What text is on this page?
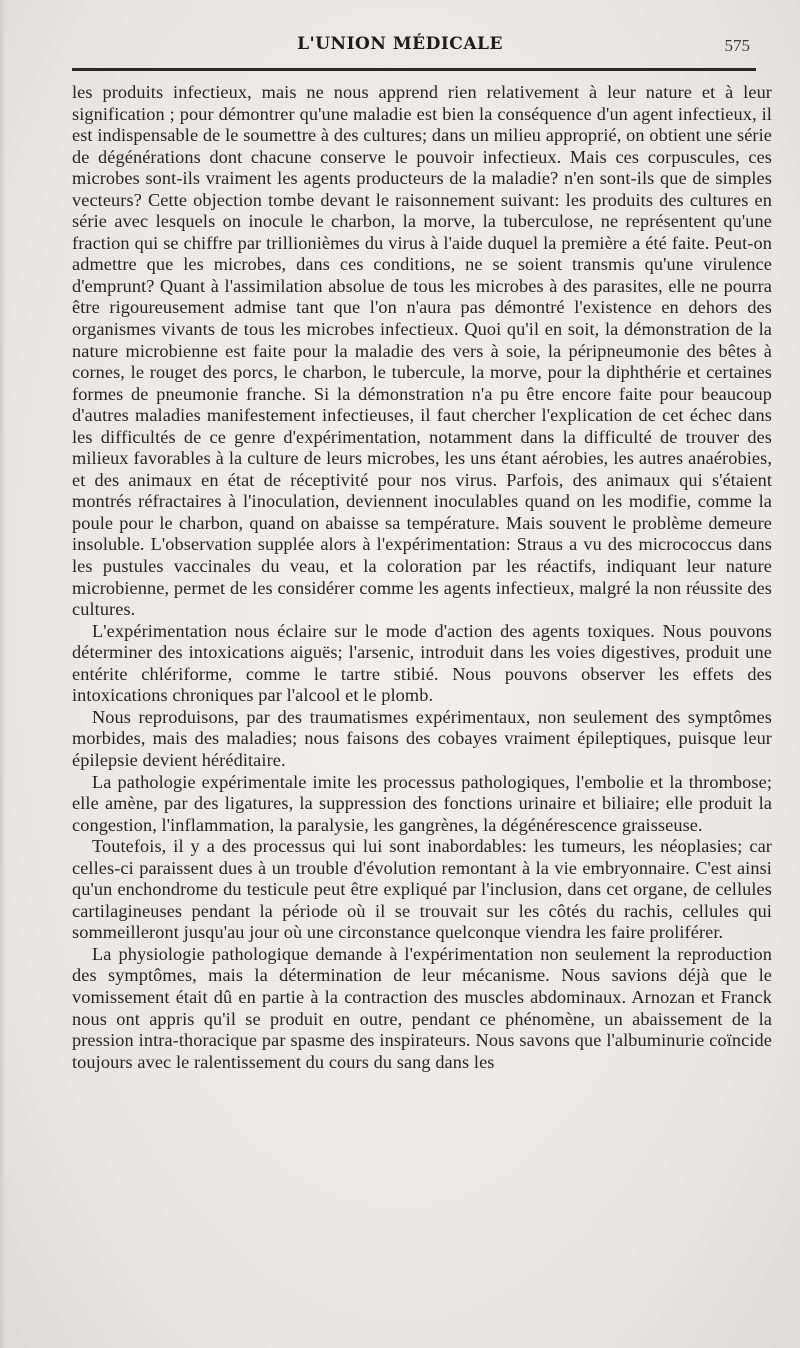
L'UNION MÉDICALE	575

les produits infectieux, mais ne nous apprend rien relativement à leur nature et à leur signification ; pour démontrer qu'une maladie est bien la conséquence d'un agent infectieux, il est indispensable de le soumettre à des cultures; dans un milieu approprié, on obtient une série de dégénérations dont chacune conserve le pouvoir infectieux. Mais ces corpuscules, ces microbes sont-ils vraiment les agents producteurs de la maladie? n'en sont-ils que de simples vecteurs? Cette objection tombe devant le raisonnement suivant: les produits des cultures en série avec lesquels on inocule le charbon, la morve, la tuberculose, ne représentent qu'une fraction qui se chiffre par trillionièmes du virus à l'aide duquel la première a été faite. Peut-on admettre que les microbes, dans ces conditions, ne se soient transmis qu'une virulence d'emprunt? Quant à l'assimilation absolue de tous les microbes à des parasites, elle ne pourra être rigoureusement admise tant que l'on n'aura pas démontré l'existence en dehors des organismes vivants de tous les microbes infectieux. Quoi qu'il en soit, la démonstration de la nature microbienne est faite pour la maladie des vers à soie, la péripneumonie des bêtes à cornes, le rouget des porcs, le charbon, le tubercule, la morve, pour la diphthérie et certaines formes de pneumonie franche. Si la démonstration n'a pu être encore faite pour beaucoup d'autres maladies manifestement infectieuses, il faut chercher l'explication de cet échec dans les difficultés de ce genre d'expérimentation, notamment dans la difficulté de trouver des milieux favorables à la culture de leurs microbes, les uns étant aérobies, les autres anaérobies, et des animaux en état de réceptivité pour nos virus. Parfois, des animaux qui s'étaient montrés réfractaires à l'inoculation, deviennent inoculables quand on les modifie, comme la poule pour le charbon, quand on abaisse sa température. Mais souvent le problème demeure insoluble. L'observation supplée alors à l'expérimentation: Straus a vu des micrococcus dans les pustules vaccinales du veau, et la coloration par les réactifs, indiquant leur nature microbienne, permet de les considérer comme les agents infectieux, malgré la non réussite des cultures.

L'expérimentation nous éclaire sur le mode d'action des agents toxiques. Nous pouvons déterminer des intoxications aiguës; l'arsenic, introduit dans les voies digestives, produit une entérite chlériforme, comme le tartre stibié. Nous pouvons observer les effets des intoxications chroniques par l'alcool et le plomb.

Nous reproduisons, par des traumatismes expérimentaux, non seulement des symptômes morbides, mais des maladies; nous faisons des cobayes vraiment épileptiques, puisque leur épilepsie devient héréditaire.

La pathologie expérimentale imite les processus pathologiques, l'embolie et la thrombose; elle amène, par des ligatures, la suppression des fonctions urinaire et biliaire; elle produit la congestion, l'inflammation, la paralysie, les gangrènes, la dégénérescence graisseuse.

Toutefois, il y a des processus qui lui sont inabordables: les tumeurs, les néoplasies; car celles-ci paraissent dues à un trouble d'évolution remontant à la vie embryonnaire. C'est ainsi qu'un enchondrome du testicule peut être expliqué par l'inclusion, dans cet organe, de cellules cartilagineuses pendant la période où il se trouvait sur les côtés du rachis, cellules qui sommeilleront jusqu'au jour où une circonstance quelconque viendra les faire proliférer.

La physiologie pathologique demande à l'expérimentation non seulement la reproduction des symptômes, mais la détermination de leur mécanisme. Nous savions déjà que le vomissement était dû en partie à la contraction des muscles abdominaux. Arnozan et Franck nous ont appris qu'il se produit en outre, pendant ce phénomène, un abaissement de la pression intra-thoracique par spasme des inspirateurs. Nous savons que l'albuminurie coïncide toujours avec le ralentissement du cours du sang dans les
